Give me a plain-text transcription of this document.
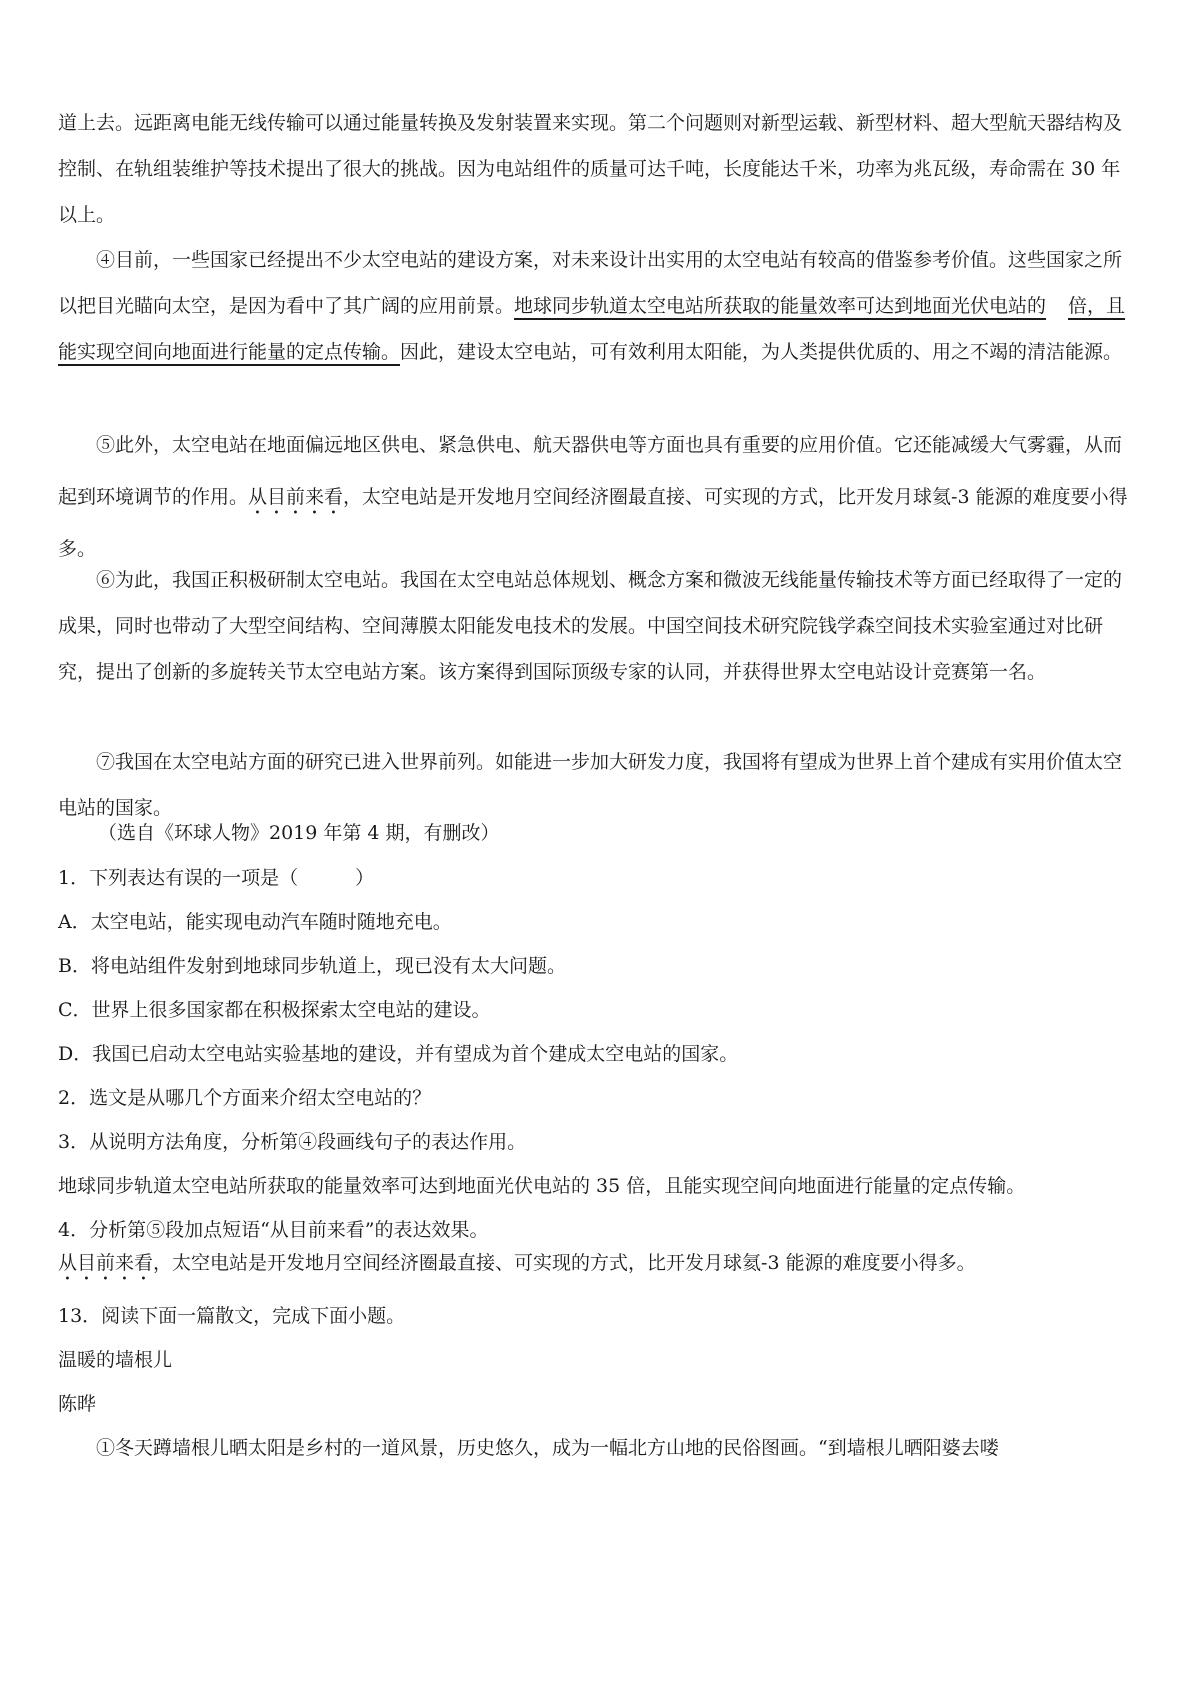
道上去。远距离电能无线传输可以通过能量转换及发射装置来实现。第二个问题则对新型运载、新型材料、超大型航天器结构及控制、在轨组装维护等技术提出了很大的挑战。因为电站组件的质量可达千吨，长度能达千米，功率为兆瓦级，寿命需在 30 年以上。

④目前，一些国家已经提出不少太空电站的建设方案，对未来设计出实用的太空电站有较高的借鉴参考价值。这些国家之所以把目光瞄向太空，是因为看中了其广阔的应用前景。地球同步轨道太空电站所获取的能量效率可达到地面光伏电站的 倍，且能实现空间向地面进行能量的定点传输。因此，建设太空电站，可有效利用太阳能，为人类提供优质的、用之不竭的清洁能源。

⑤此外，太空电站在地面偏远地区供电、紧急供电、航天器供电等方面也具有重要的应用价值。它还能减缓大气雾霾，从而起到环境调节的作用。从目前来看，太空电站是开发地月空间经济圈最直接、可实现的方式，比开发月球氦-3 能源的难度要小得多。

⑥为此，我国正积极研制太空电站。我国在太空电站总体规划、概念方案和微波无线能量传输技术等方面已经取得了一定的成果，同时也带动了大型空间结构、空间薄膜太阳能发电技术的发展。中国空间技术研究院钱学森空间技术实验室通过对比研究，提出了创新的多旋转关节太空电站方案。该方案得到国际顶级专家的认同，并获得世界太空电站设计竞赛第一名。

⑦我国在太空电站方面的研究已进入世界前列。如能进一步加大研发力度，我国将有望成为世界上首个建成有实用价值太空电站的国家。

（选自《环球人物》2019 年第 4 期，有删改）

1．下列表达有误的一项是（　　　）

A．太空电站，能实现电动汽车随时随地充电。

B．将电站组件发射到地球同步轨道上，现已没有太大问题。

C．世界上很多国家都在积极探索太空电站的建设。

D．我国已启动太空电站实验基地的建设，并有望成为首个建成太空电站的国家。

2．选文是从哪几个方面来介绍太空电站的？

3．从说明方法角度，分析第④段画线句子的表达作用。

地球同步轨道太空电站所获取的能量效率可达到地面光伏电站的 35 倍，且能实现空间向地面进行能量的定点传输。

4．分析第⑤段加点短语“从目前来看”的表达效果。

从目前来看，太空电站是开发地月空间经济圈最直接、可实现的方式，比开发月球氦-3 能源的难度要小得多。

13．阅读下面一篇散文，完成下面小题。

温暖的墙根儿

陈晔

①冬天蹲墙根儿晒太阳是乡村的一道风景，历史悠久，成为一幅北方山地的民俗图画。“到墙根儿晒阳婆去喽
